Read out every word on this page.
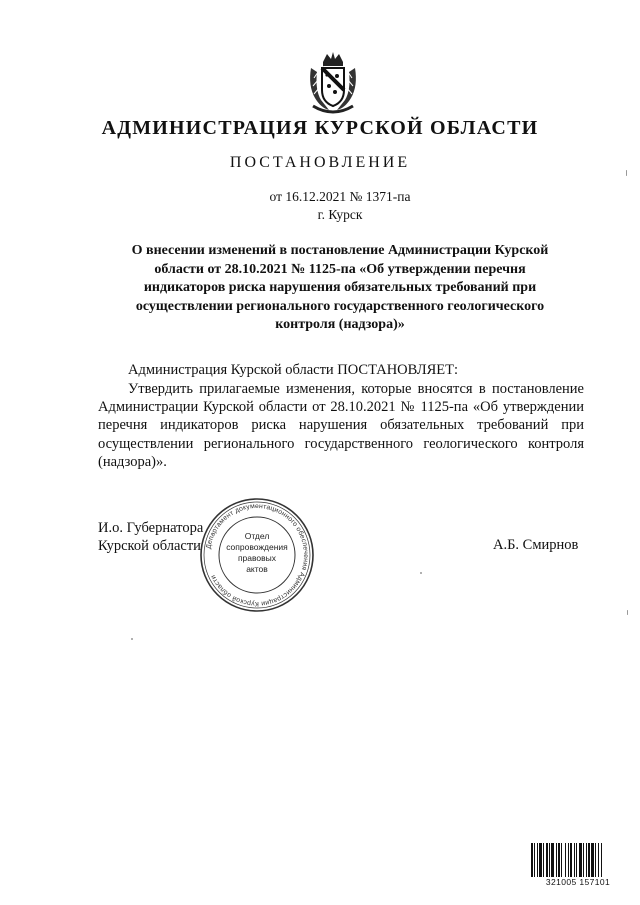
АДМИНИСТРАЦИЯ КУРСКОЙ ОБЛАСТИ
ПОСТАНОВЛЕНИЕ
от 16.12.2021 № 1371-па
г. Курск
О внесении изменений в постановление Администрации Курской области от 28.10.2021 № 1125-па «Об утверждении перечня индикаторов риска нарушения обязательных требований при осуществлении регионального государственного геологического контроля (надзора)»
Администрация Курской области ПОСТАНОВЛЯЕТ:
Утвердить прилагаемые изменения, которые вносятся в постановление Администрации Курской области от 28.10.2021 № 1125-па «Об утверждении перечня индикаторов риска нарушения обязательных требований при осуществлении регионального государственного геологического контроля (надзора)».
И.о. Губернатора
Курской области	А.Б. Смирнов
Департамент документационного обеспечения Администрации Курской области
Отдел
сопровождения
правовых
актов
321005 157101
